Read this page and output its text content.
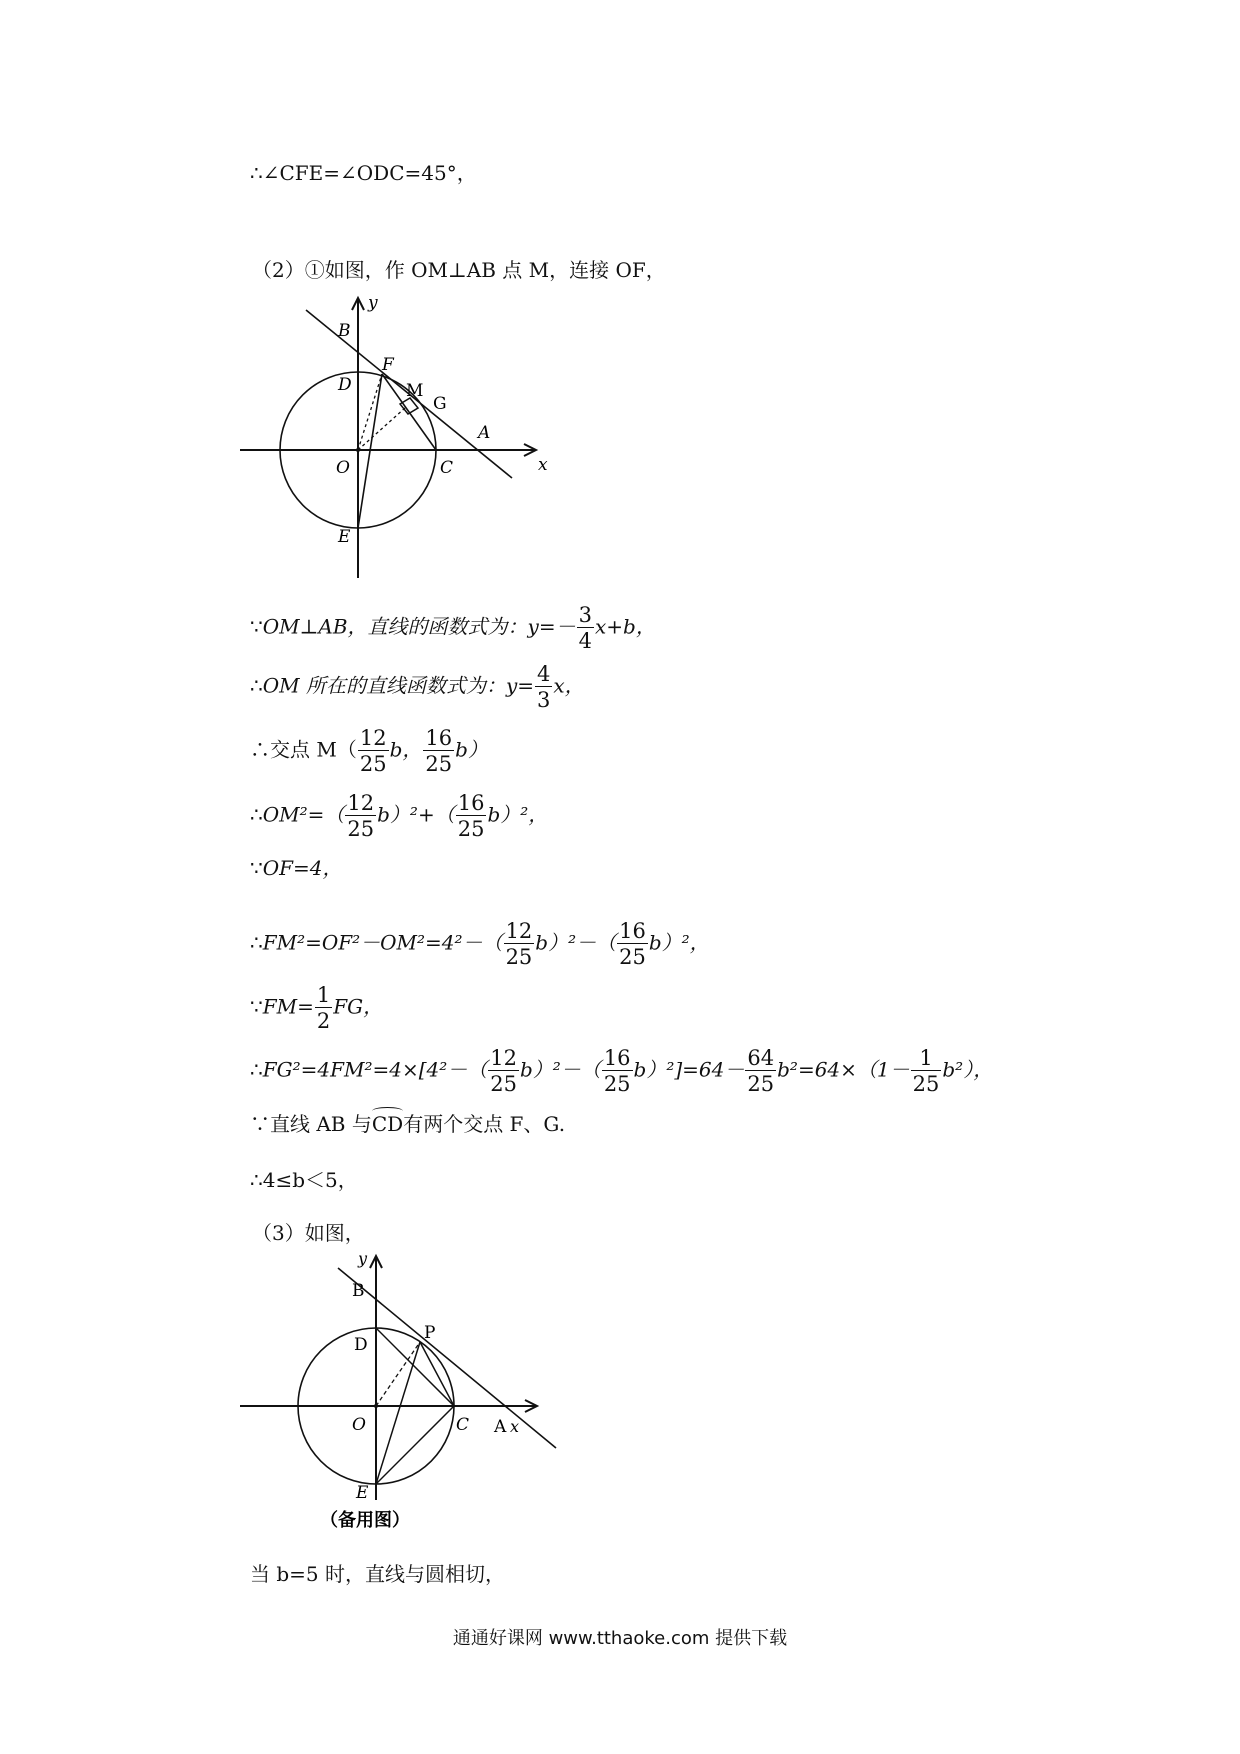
∴∠CFE=∠ODC=45°，
（2）①如图，作 OM⊥AB 点 M，连接 OF，
y
x
B
F
D	M
G
A
O	C
E
∵OM⊥AB，直线的函数式为：$y=- \frac{3}{4} x+b$，
∴OM 所在的直线函数式为：$y= \frac{4}{3}$ x，
∴交点 $M( \frac{12}{25}$ b， $\frac{16}{25} b$）
∴OM²=（ $\frac{12}{25} b)^2+( \frac{16}{25} b)^2$，
∵OF=4，
∴FM²=OF²－OM²=4²－（ $\frac{12}{25} b)^2-( \frac{16}{25} b)^2$，
∵FM= $\frac{1}{2}$ FG，
∴FG²=4FM²=4×[4²－（ $\frac{12}{25} b)^2-( \frac{16}{25} b)^2]=64- \frac{64}{25} b^2=64\times(1- \frac{1}{25} b^2)$，
∵直线 AB 与CD有两个交点 F、G.
∴4≤b＜5，
（3）如图，
y
B
D
P
O	C A x
E
（备用图）
当 b=5 时，直线与圆相切，
通通好课网 www.tthaoke.com 提供下载
